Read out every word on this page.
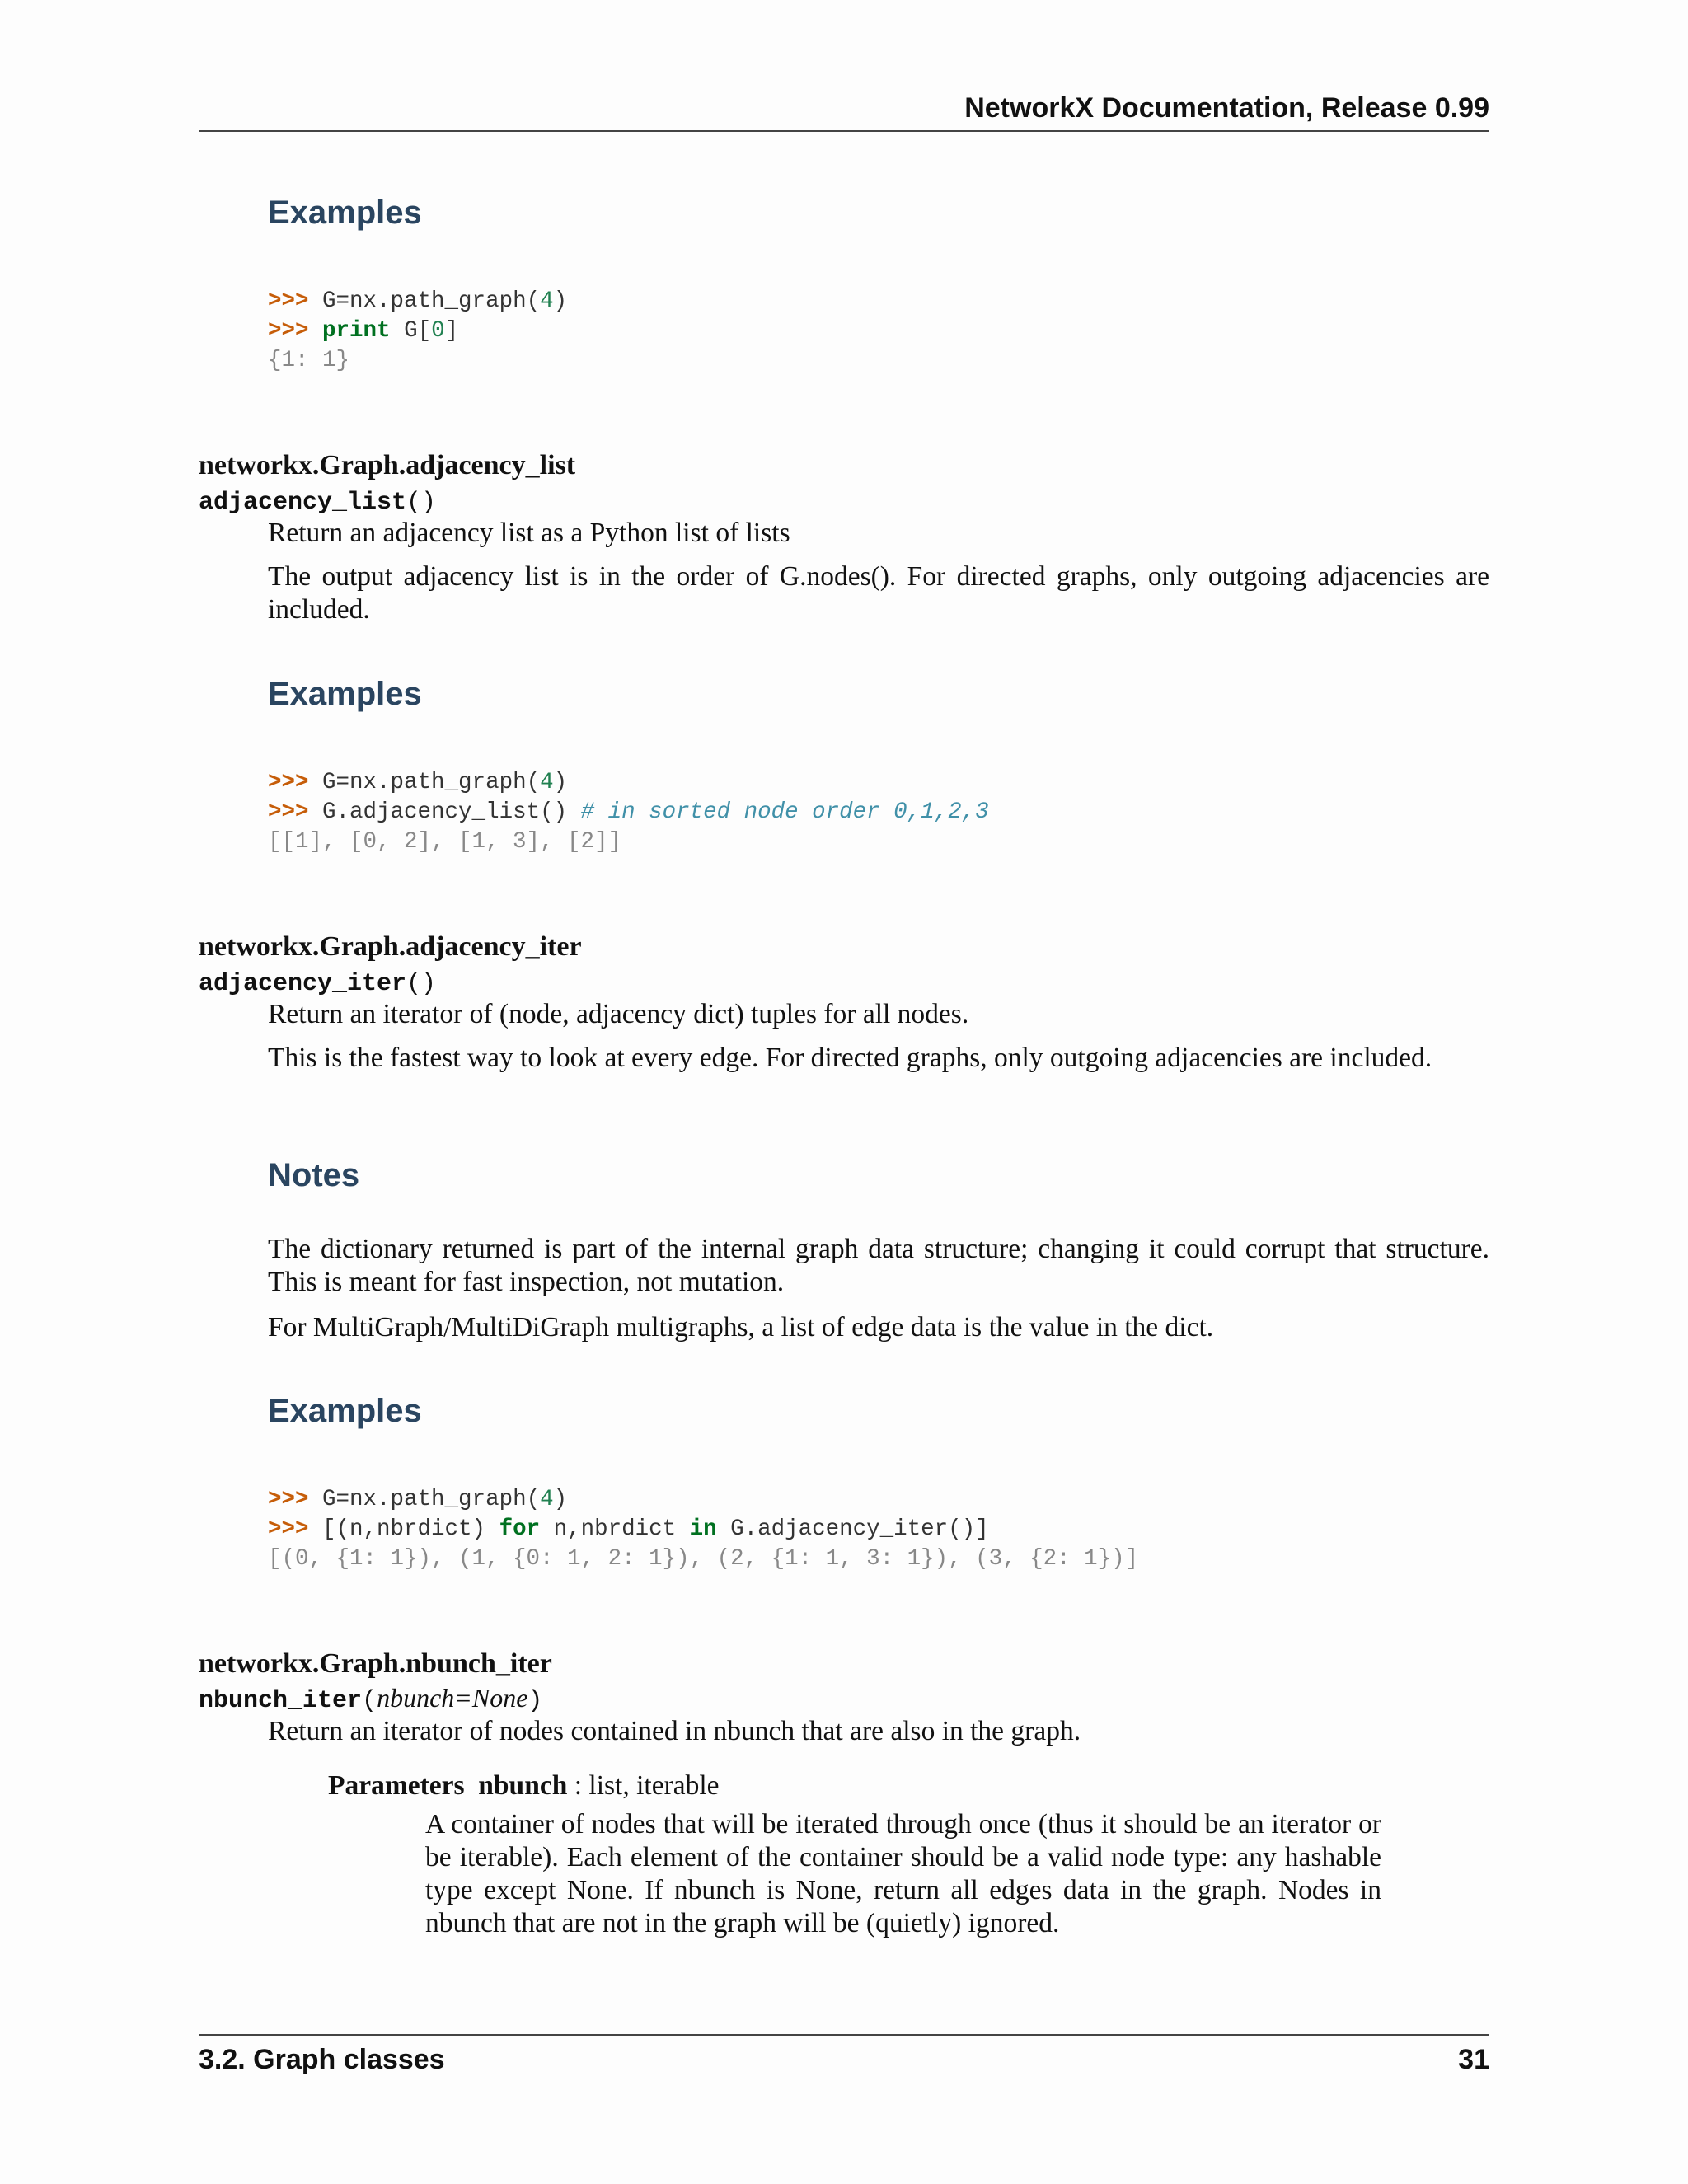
NetworkX Documentation, Release 0.99
Examples
>>> G=nx.path_graph(4)
>>> print G[0]
{1: 1}
networkx.Graph.adjacency_list
adjacency_list()
Return an adjacency list as a Python list of lists
The output adjacency list is in the order of G.nodes(). For directed graphs, only outgoing adjacencies are included.
Examples
>>> G=nx.path_graph(4)
>>> G.adjacency_list() # in sorted node order 0,1,2,3
[[1], [0, 2], [1, 3], [2]]
networkx.Graph.adjacency_iter
adjacency_iter()
Return an iterator of (node, adjacency dict) tuples for all nodes.
This is the fastest way to look at every edge. For directed graphs, only outgoing adjacencies are included.
Notes
The dictionary returned is part of the internal graph data structure; changing it could corrupt that structure. This is meant for fast inspection, not mutation.
For MultiGraph/MultiDiGraph multigraphs, a list of edge data is the value in the dict.
Examples
>>> G=nx.path_graph(4)
>>> [(n,nbrdict) for n,nbrdict in G.adjacency_iter()]
[(0, {1: 1}), (1, {0: 1, 2: 1}), (2, {1: 1, 3: 1}), (3, {2: 1})]
networkx.Graph.nbunch_iter
nbunch_iter(nbunch=None)
Return an iterator of nodes contained in nbunch that are also in the graph.
Parameters nbunch : list, iterable
A container of nodes that will be iterated through once (thus it should be an iterator or be iterable). Each element of the container should be a valid node type: any hashable type except None. If nbunch is None, return all edges data in the graph. Nodes in nbunch that are not in the graph will be (quietly) ignored.
3.2. Graph classes	31
